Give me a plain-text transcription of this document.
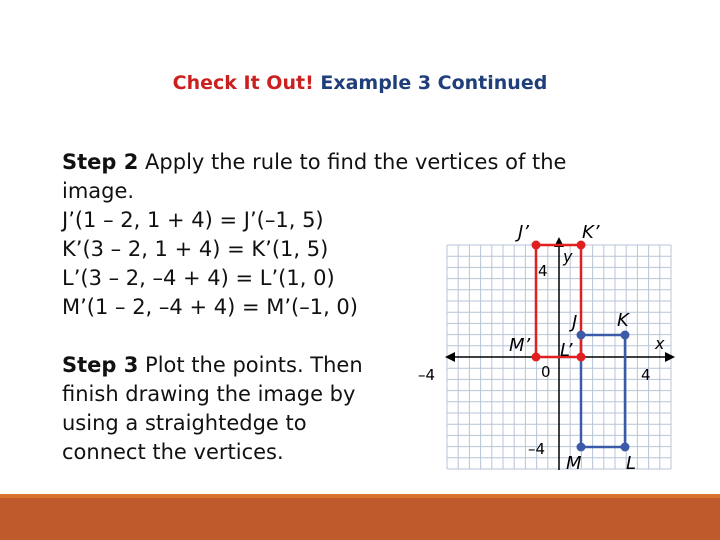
Check It Out! Example 3 Continued
Step 2 Apply the rule to find the vertices of the
image.
J’(1 – 2, 1 + 4) = J’(–1, 5)
K’(3 – 2, 1 + 4) = K’(1, 5)
L’(3 – 2, –4 + 4) = L’(1, 0)
M’(1 – 2, –4 + 4) = M’(–1, 0)
Step 3 Plot the points. Then
finish drawing the image by
using a straightedge to
connect the vertices.
–4	0	4
4
–4
x
y
J’	K’
J K
M’ L’
M L
